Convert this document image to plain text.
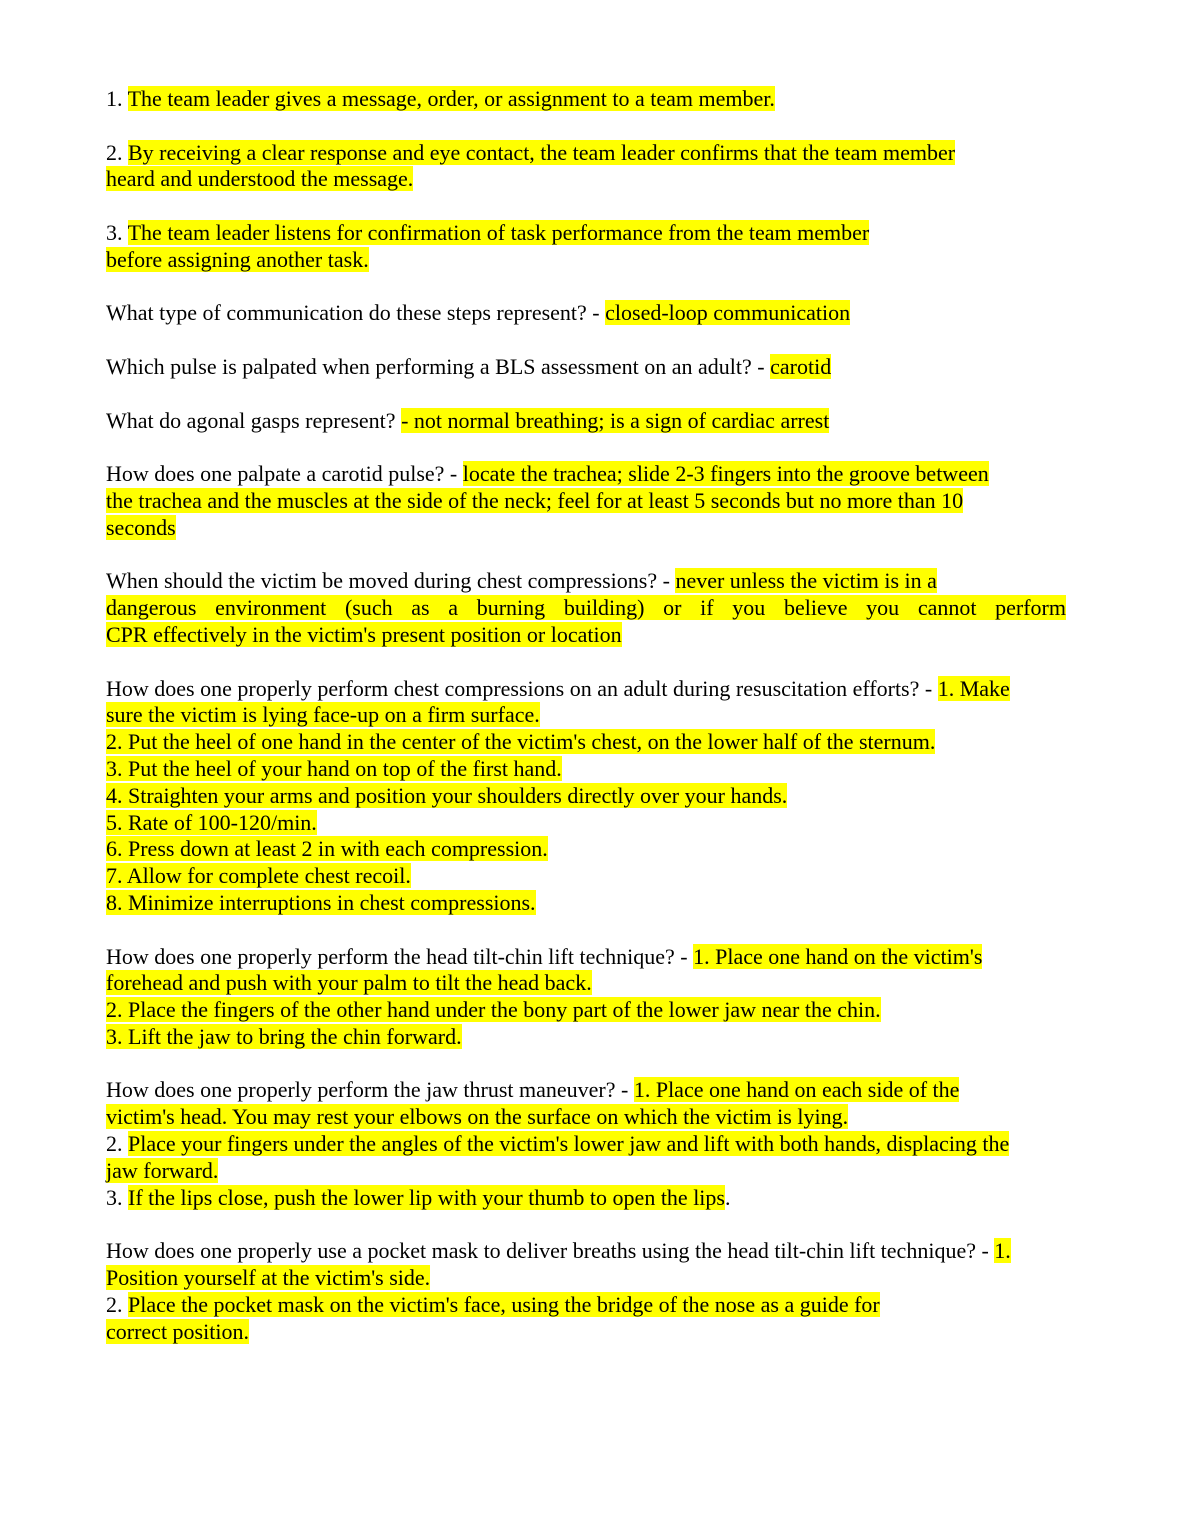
1. The team leader gives a message, order, or assignment to a team member.
2. By receiving a clear response and eye contact, the team leader confirms that the team member
heard and understood the message.
3. The team leader listens for confirmation of task performance from the team member
before assigning another task.
What type of communication do these steps represent? - closed-loop communication
Which pulse is palpated when performing a BLS assessment on an adult? - carotid
What do agonal gasps represent? - not normal breathing; is a sign of cardiac arrest
How does one palpate a carotid pulse? - locate the trachea; slide 2-3 fingers into the groove between
the trachea and the muscles at the side of the neck; feel for at least 5 seconds but no more than 10
seconds
When should the victim be moved during chest compressions? - never unless the victim is in a
dangerous environment (such as a burning building) or if you believe you cannot perform
CPR effectively in the victim's present position or location
How does one properly perform chest compressions on an adult during resuscitation efforts? - 1. Make
sure the victim is lying face-up on a firm surface.
2. Put the heel of one hand in the center of the victim's chest, on the lower half of the sternum.
3. Put the heel of your hand on top of the first hand.
4. Straighten your arms and position your shoulders directly over your hands.
5. Rate of 100-120/min.
6. Press down at least 2 in with each compression.
7. Allow for complete chest recoil.
8. Minimize interruptions in chest compressions.
How does one properly perform the head tilt-chin lift technique? - 1. Place one hand on the victim's
forehead and push with your palm to tilt the head back.
2. Place the fingers of the other hand under the bony part of the lower jaw near the chin.
3. Lift the jaw to bring the chin forward.
How does one properly perform the jaw thrust maneuver? - 1. Place one hand on each side of the
victim's head. You may rest your elbows on the surface on which the victim is lying.
2. Place your fingers under the angles of the victim's lower jaw and lift with both hands, displacing the
jaw forward.
3. If the lips close, push the lower lip with your thumb to open the lips.
How does one properly use a pocket mask to deliver breaths using the head tilt-chin lift technique? - 1.
Position yourself at the victim's side.
2. Place the pocket mask on the victim's face, using the bridge of the nose as a guide for
correct position.
